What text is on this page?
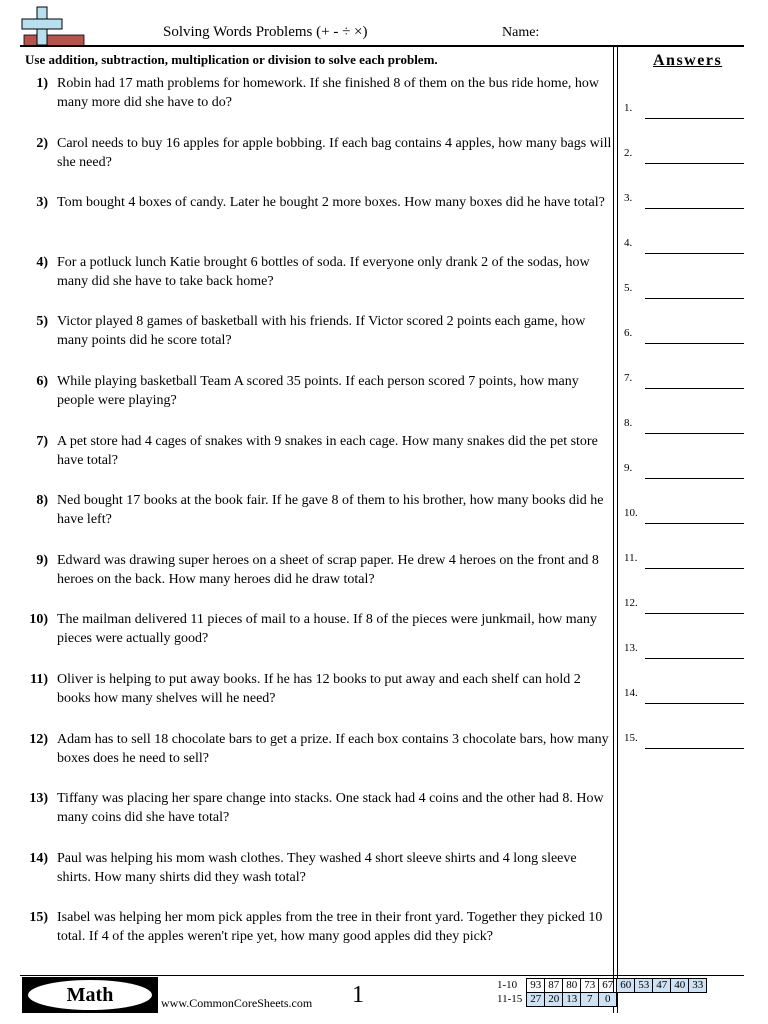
Solving Words Problems (+ - ÷ ×)	Name:
Use addition, subtraction, multiplication or division to solve each problem.	Answers
1) Robin had 17 math problems for homework. If she finished 8 of them on the bus ride home, how many more did she have to do?
2) Carol needs to buy 16 apples for apple bobbing. If each bag contains 4 apples, how many bags will she need?
3) Tom bought 4 boxes of candy. Later he bought 2 more boxes. How many boxes did he have total?
4) For a potluck lunch Katie brought 6 bottles of soda. If everyone only drank 2 of the sodas, how many did she have to take back home?
5) Victor played 8 games of basketball with his friends. If Victor scored 2 points each game, how many points did he score total?
6) While playing basketball Team A scored 35 points. If each person scored 7 points, how many people were playing?
7) A pet store had 4 cages of snakes with 9 snakes in each cage. How many snakes did the pet store have total?
8) Ned bought 17 books at the book fair. If he gave 8 of them to his brother, how many books did he have left?
9) Edward was drawing super heroes on a sheet of scrap paper. He drew 4 heroes on the front and 8 heroes on the back. How many heroes did he draw total?
10) The mailman delivered 11 pieces of mail to a house. If 8 of the pieces were junkmail, how many pieces were actually good?
11) Oliver is helping to put away books. If he has 12 books to put away and each shelf can hold 2 books how many shelves will he need?
12) Adam has to sell 18 chocolate bars to get a prize. If each box contains 3 chocolate bars, how many boxes does he need to sell?
13) Tiffany was placing her spare change into stacks. One stack had 4 coins and the other had 8. How many coins did she have total?
14) Paul was helping his mom wash clothes. They washed 4 short sleeve shirts and 4 long sleeve shirts. How many shirts did they wash total?
15) Isabel was helping her mom pick apples from the tree in their front yard. Together they picked 10 total. If 4 of the apples weren't ripe yet, how many good apples did they pick?
1.
2.
3.
4.
5.
6.
7.
8.
9.
10.
11.
12.
13.
14.
15.
Math	www.CommonCoreSheets.com 1	1-10	93	87	80	73	67	60	53	47	40	33
11-15	27	20	13	7	0					
